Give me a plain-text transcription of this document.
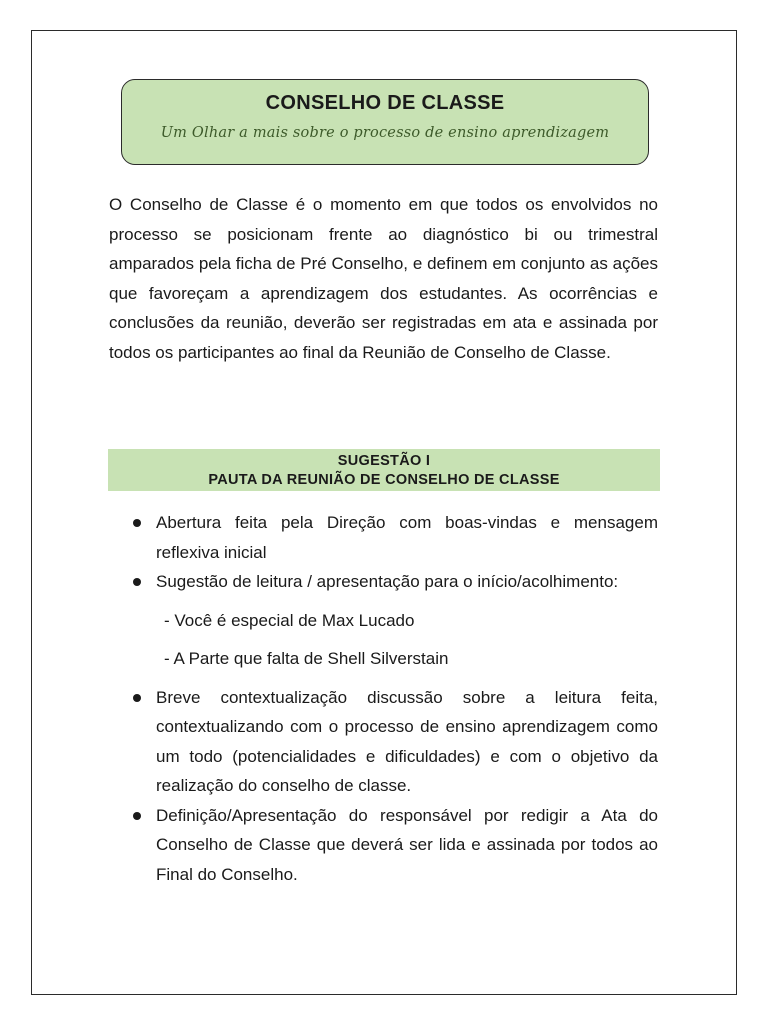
CONSELHO DE CLASSE
Um Olhar a mais sobre o processo de ensino aprendizagem

O Conselho de Classe é o momento em que todos os envolvidos no processo se posicionam frente ao diagnóstico bi ou trimestral amparados pela ficha de Pré Conselho, e definem em conjunto as ações que favoreçam a aprendizagem dos estudantes. As ocorrências e conclusões da reunião, deverão ser registradas em ata e assinada por todos os participantes ao final da Reunião de Conselho de Classe.

SUGESTÃO I
PAUTA DA REUNIÃO DE CONSELHO DE CLASSE
Abertura feita pela Direção com boas-vindas e mensagem reflexiva inicial
Sugestão de leitura / apresentação para o início/acolhimento:
- Você é especial de Max Lucado
- A Parte que falta de Shell Silverstain
Breve contextualização discussão sobre a leitura feita, contextualizando com o processo de ensino aprendizagem como um todo (potencialidades e dificuldades) e com o objetivo da realização do conselho de classe.
Definição/Apresentação do responsável por redigir a Ata do Conselho de Classe que deverá ser lida e assinada por todos ao Final do Conselho.
